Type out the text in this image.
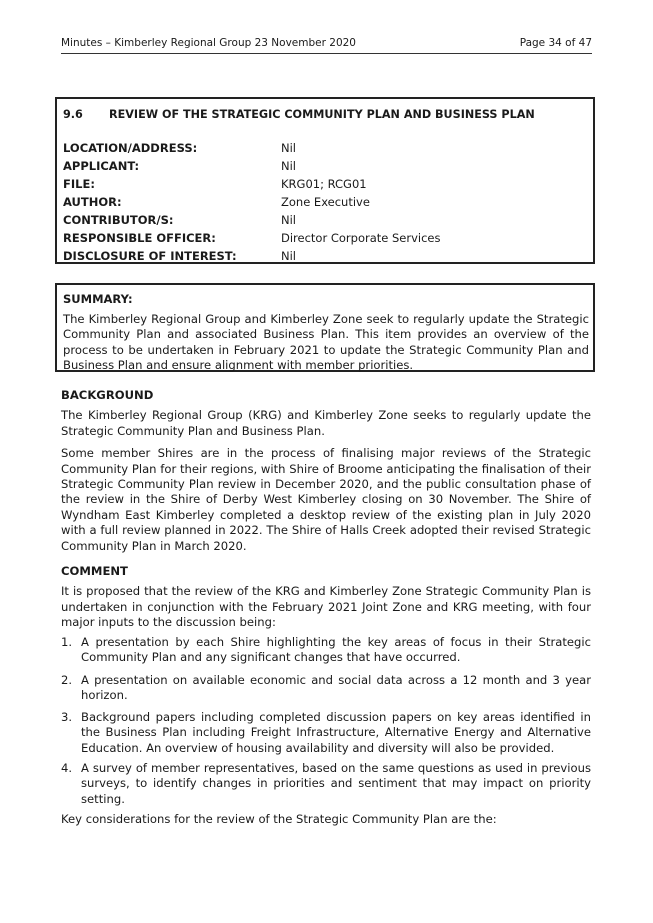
Minutes – Kimberley Regional Group 23 November 2020	Page 34 of 47
9.6 REVIEW OF THE STRATEGIC COMMUNITY PLAN AND BUSINESS PLAN
LOCATION/ADDRESS:	Nil
APPLICANT:	Nil
FILE:	KRG01; RCG01
AUTHOR:	Zone Executive
CONTRIBUTOR/S:	Nil
RESPONSIBLE OFFICER:	Director Corporate Services
DISCLOSURE OF INTEREST:	Nil
SUMMARY:
The Kimberley Regional Group and Kimberley Zone seek to regularly update the Strategic Community Plan and associated Business Plan. This item provides an overview of the process to be undertaken in February 2021 to update the Strategic Community Plan and Business Plan and ensure alignment with member priorities.
BACKGROUND

The Kimberley Regional Group (KRG) and Kimberley Zone seeks to regularly update the Strategic Community Plan and Business Plan.

Some member Shires are in the process of finalising major reviews of the Strategic Community Plan for their regions, with Shire of Broome anticipating the finalisation of their Strategic Community Plan review in December 2020, and the public consultation phase of the review in the Shire of Derby West Kimberley closing on 30 November. The Shire of Wyndham East Kimberley completed a desktop review of the existing plan in July 2020 with a full review planned in 2022. The Shire of Halls Creek adopted their revised Strategic Community Plan in March 2020.

COMMENT

It is proposed that the review of the KRG and Kimberley Zone Strategic Community Plan is undertaken in conjunction with the February 2021 Joint Zone and KRG meeting, with four major inputs to the discussion being:

1. A presentation by each Shire highlighting the key areas of focus in their Strategic Community Plan and any significant changes that have occurred.
2. A presentation on available economic and social data across a 12 month and 3 year horizon.
3. Background papers including completed discussion papers on key areas identified in the Business Plan including Freight Infrastructure, Alternative Energy and Alternative Education. An overview of housing availability and diversity will also be provided.
4. A survey of member representatives, based on the same questions as used in previous surveys, to identify changes in priorities and sentiment that may impact on priority setting.

Key considerations for the review of the Strategic Community Plan are the:
